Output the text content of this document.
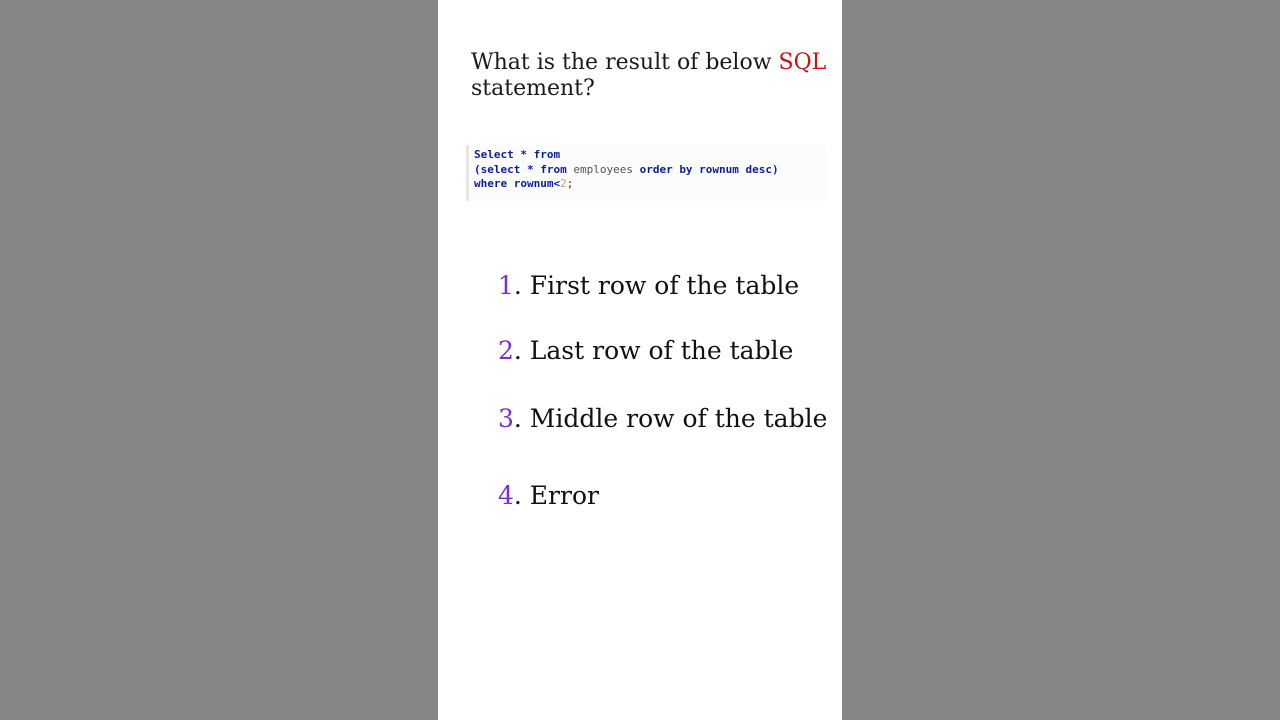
What is the result of below SQL statement?
Select * from
(select * from employees order by rownum desc)
where rownum<2;
1. First row of the table
2. Last row of the table
3. Middle row of the table
4. Error
